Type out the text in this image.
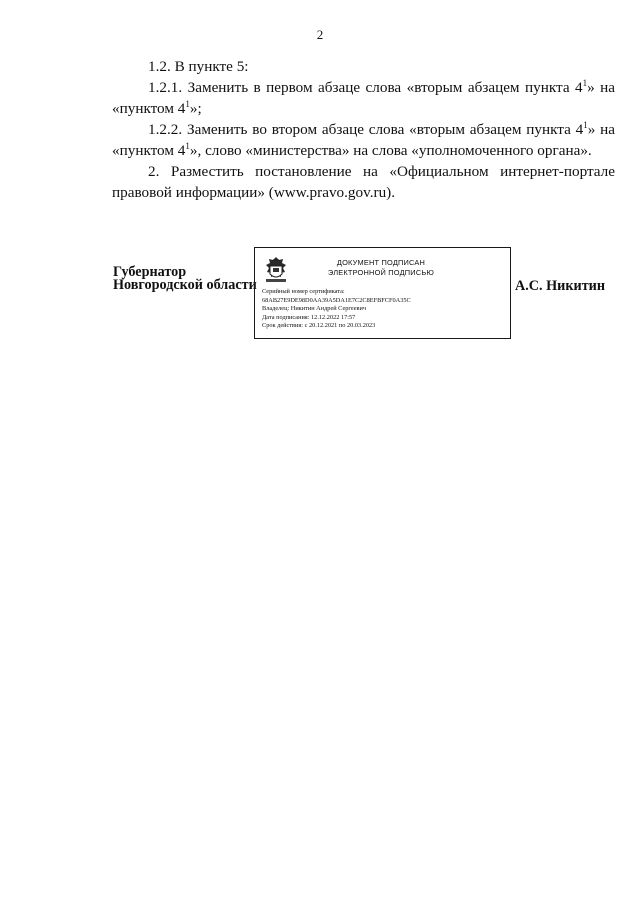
2

1.2. В пункте 5:

1.2.1. Заменить в первом абзаце слова «вторым абзацем пункта $4^1$» на «пунктом $4^1$»;

1.2.2. Заменить во втором абзаце слова «вторым абзацем пункта $4^1$» на «пунктом $4^1$», слово «министерства» на слова «уполномоченного органа».

2. Разместить постановление на «Официальном интернет-портале правовой информации» (www.pravo.gov.ru).

Губернатор
Новгородской области
ДОКУМЕНТ ПОДПИСАН
ЭЛЕКТРОННОЙ ПОДПИСЬЮ
Серийный номер сертификата:
68AB27E9DE98D0AA39A5DA1E7C2C8EFBFCF0A35C
Владелец: Никитин Андрей Сергеевич
Дата подписания: 12.12.2022 17:57
Срок действия: с 20.12.2021 по 20.03.2023
А.С. Никитин
